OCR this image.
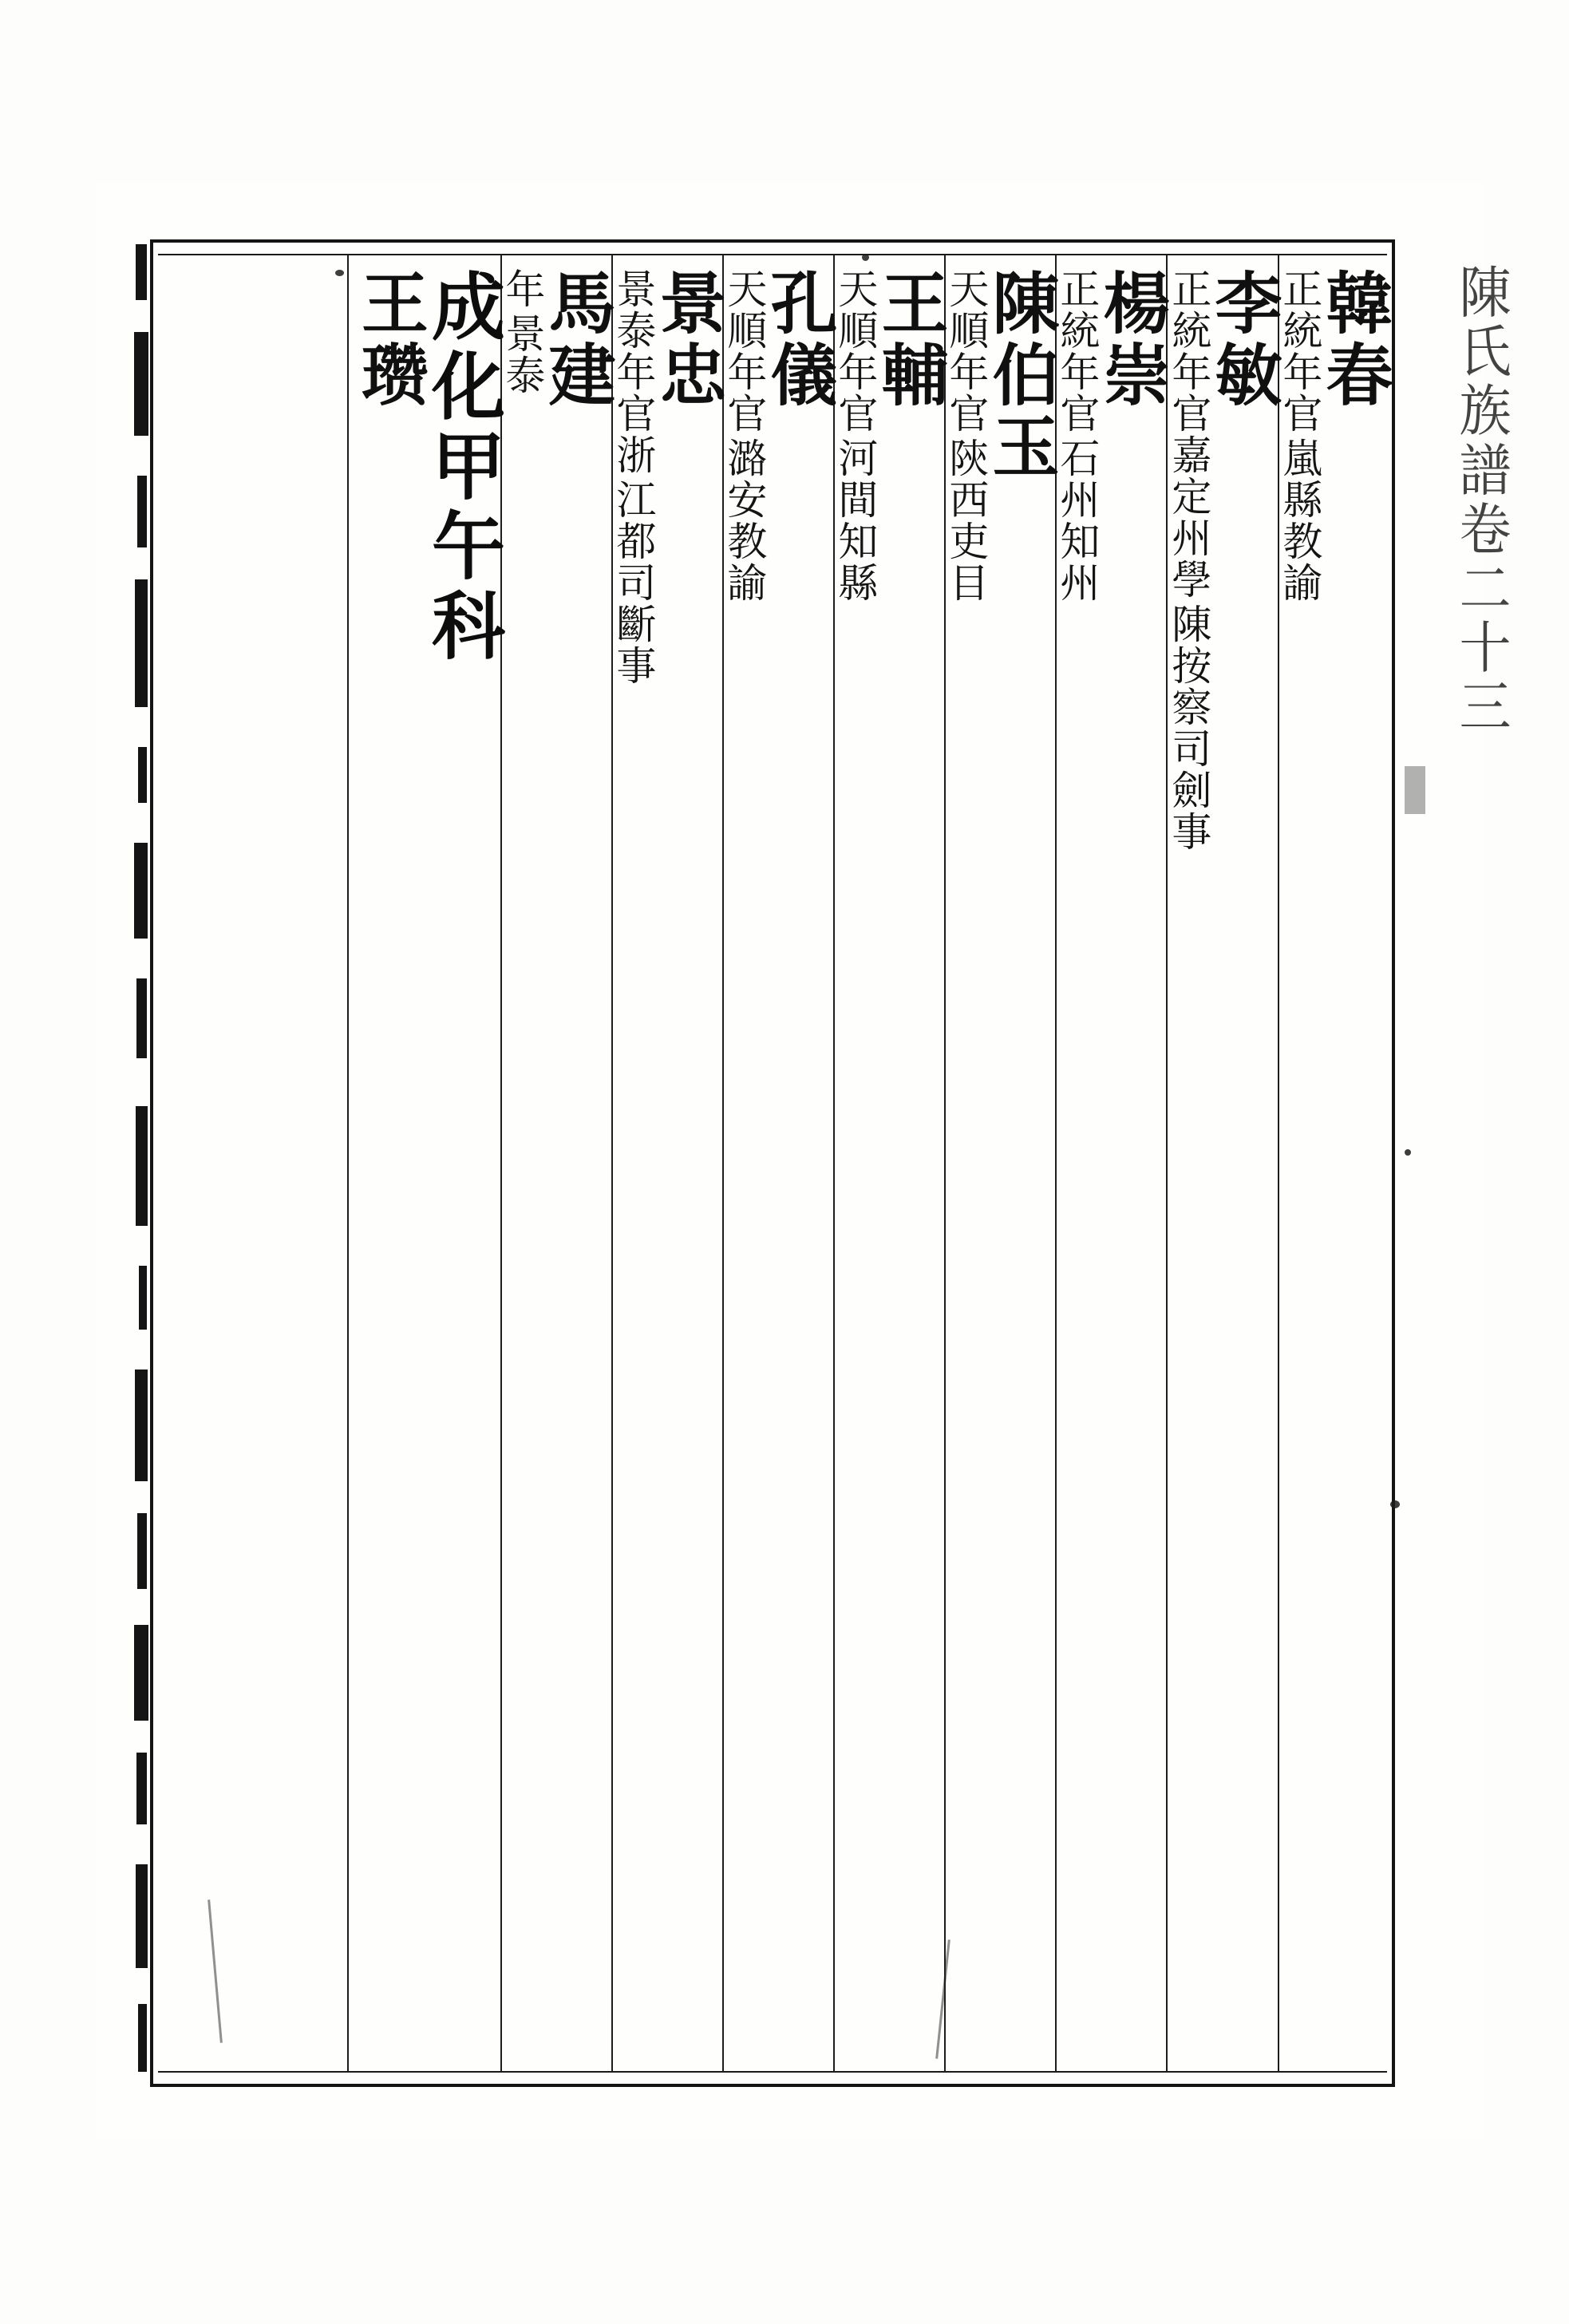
陳
氏
族
譜
卷
二
十
三
韓春
正統年官
嵐縣教諭
李敏
正統年官嘉定州學
陳按察司劍事
楊崇
正統年官
石州知州
陳伯玉
天順年官
陝西吏目
王輔
天順年官
河間知縣
孔儀
天順年官
潞安教諭
景忠
景泰年官浙
江都司斷事
馬建
年
景泰
成化甲午科
王瓒
